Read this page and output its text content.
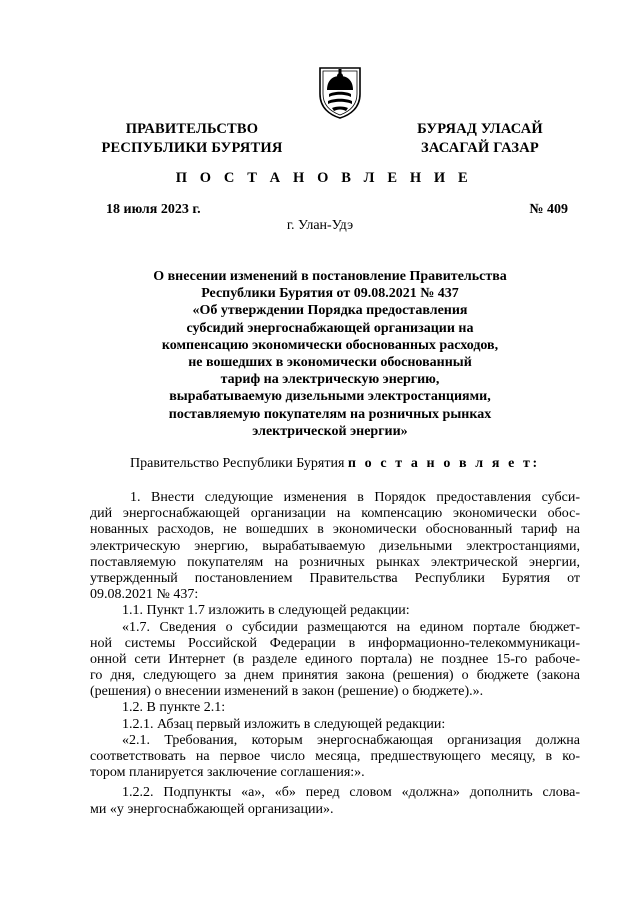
ПРАВИТЕЛЬСТВО
РЕСПУБЛИКИ БУРЯТИЯ
БУРЯАД УЛАСАЙ
ЗАСАГАЙ ГАЗАР
П О С Т А Н О В Л Е Н И Е
18 июля 2023 г.	№ 409
г. Улан-Удэ
О внесении изменений в постановление Правительства
Республики Бурятия от 09.08.2021 № 437
«Об утверждении Порядка предоставления
субсидий энергоснабжающей организации на
компенсацию экономически обоснованных расходов,
не вошедших в экономически обоснованный
тариф на электрическую энергию,
вырабатываемую дизельными электростанциями,
поставляемую покупателям на розничных рынках
электрической энергии»
Правительство Республики Бурятия п о с т а н о в л я е т:
1. Внести следующие изменения в Порядок предоставления субси-
дий энергоснабжающей организации на компенсацию экономически обос-
нованных расходов, не вошедших в экономически обоснованный тариф на
электрическую энергию, вырабатываемую дизельными электростанциями,
поставляемую покупателям на розничных рынках электрической энергии,
утвержденный постановлением Правительства Республики Бурятия от
09.08.2021 № 437:
1.1. Пункт 1.7 изложить в следующей редакции:
«1.7. Сведения о субсидии размещаются на едином портале бюджет-
ной системы Российской Федерации в информационно-телекоммуникаци-
онной сети Интернет (в разделе единого портала) не позднее 15-го рабоче-
го дня, следующего за днем принятия закона (решения) о бюджете (закона
(решения) о внесении изменений в закон (решение) о бюджете).».
1.2. В пункте 2.1:
1.2.1. Абзац первый изложить в следующей редакции:
«2.1. Требования, которым энергоснабжающая организация должна
соответствовать на первое число месяца, предшествующего месяцу, в ко-
тором планируется заключение соглашения:».
1.2.2. Подпункты «а», «б» перед словом «должна» дополнить слова-
ми «у энергоснабжающей организации».
